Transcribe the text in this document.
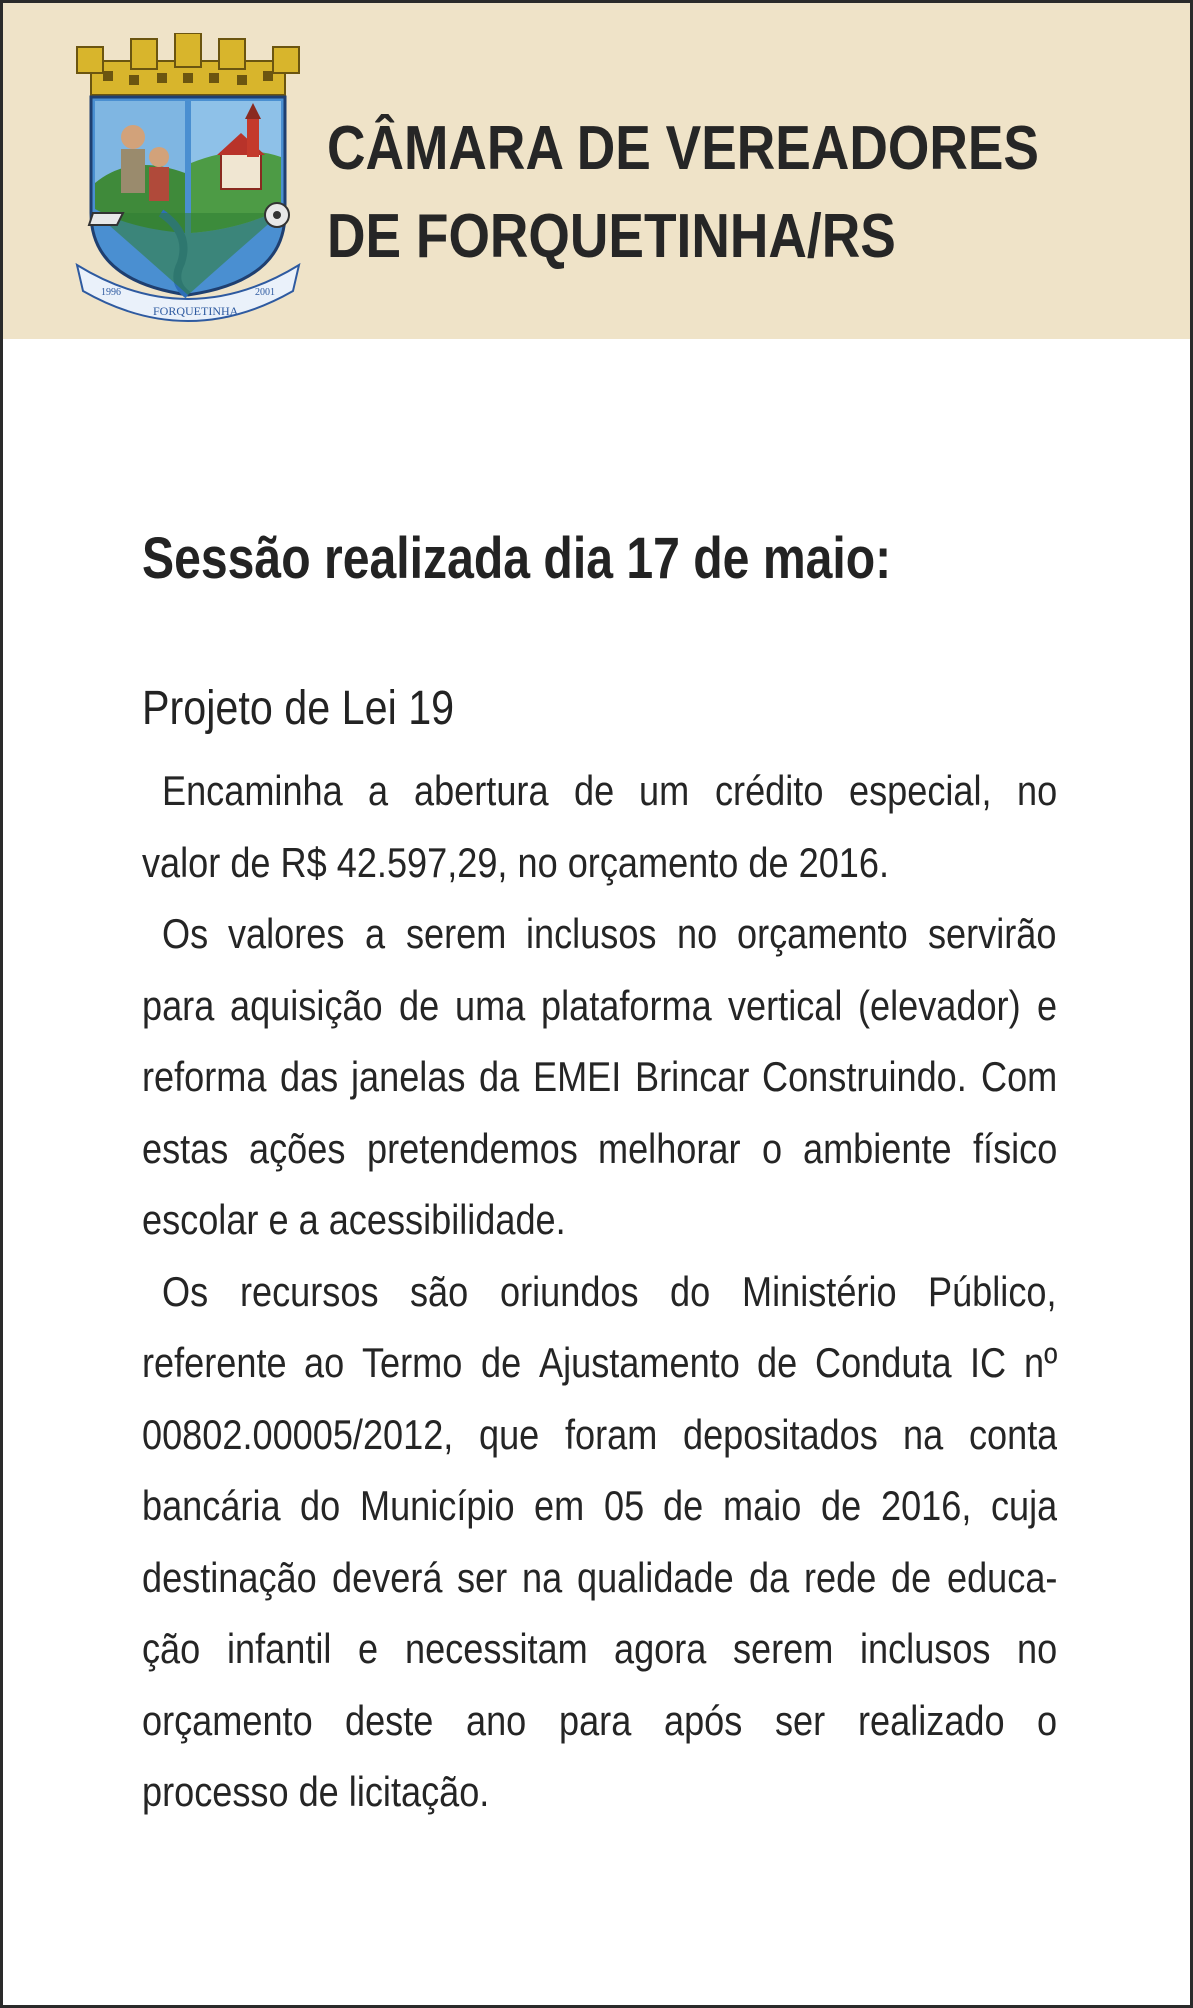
1996
FORQUETINHA
2001
CÂMARA DE VEREADORES
DE FORQUETINHA/RS
Sessão realizada dia 17 de maio:
Projeto de Lei 19
Encaminha a abertura de um crédito especial, no
valor de R$ 42.597,29, no orçamento de 2016.
Os valores a serem inclusos no orçamento servirão
para aquisição de uma plataforma vertical (elevador) e
reforma das janelas da EMEI Brincar Construindo. Com
estas ações pretendemos melhorar o ambiente físico
escolar e a acessibilidade.
Os recursos são oriundos do Ministério Público,
referente ao Termo de Ajustamento de Conduta IC nº
00802.00005/2012, que foram depositados na conta
bancária do Município em 05 de maio de 2016, cuja
destinação deverá ser na qualidade da rede de educa-
ção infantil e necessitam agora serem inclusos no
orçamento deste ano para após ser realizado o
processo de licitação.
